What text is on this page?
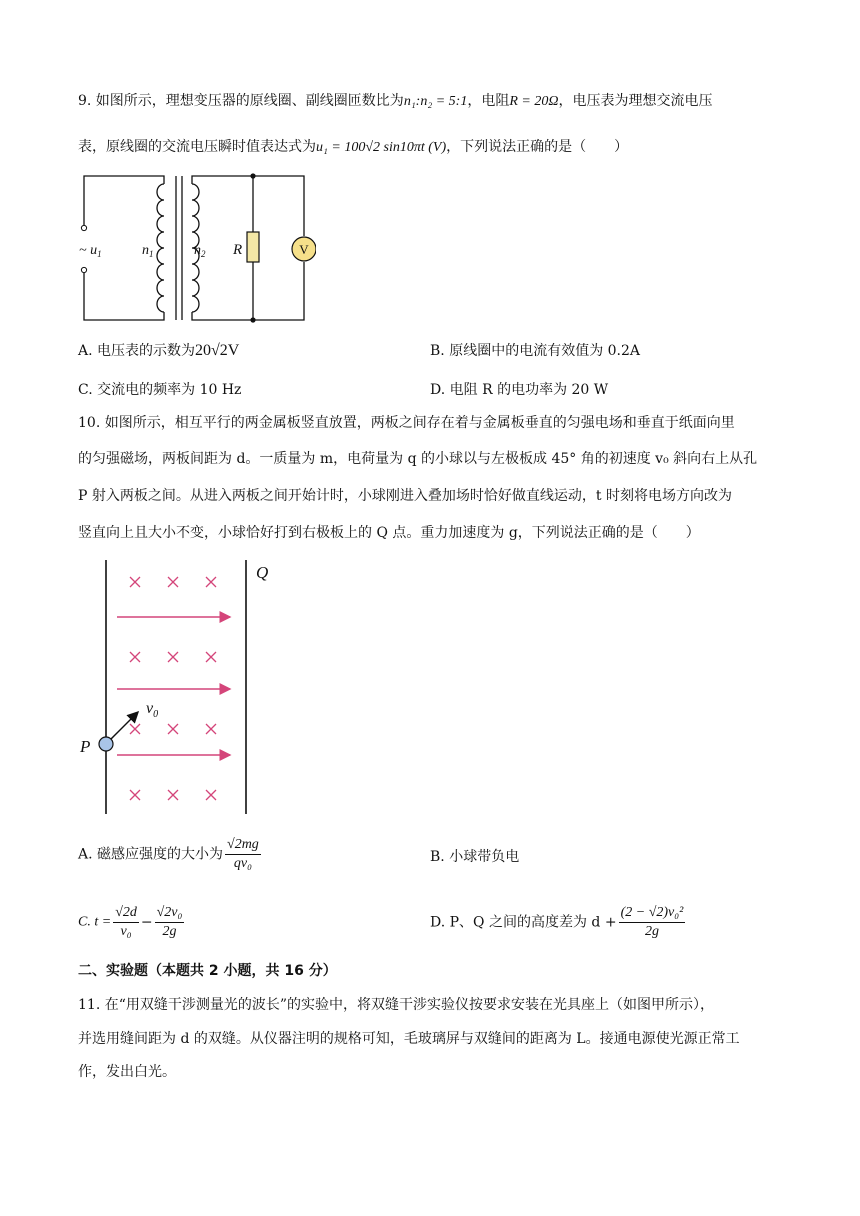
9. 如图所示，理想变压器的原线圈、副线圈匝数比为n₁:n₂ = 5:1，电阻R = 20Ω，电压表为理想交流电压
表，原线圈的交流电压瞬时值表达式为u₁ = 100√2 sin10πt (V)，下列说法正确的是（　　）
V
~ $u_1$	$n_1$	$n_2$ R
A. 电压表的示数为20√2V	B. 原线圈中的电流有效值为 0.2A
C. 交流电的频率为 10 Hz	D. 电阻 R 的电功率为 20 W
10. 如图所示，相互平行的两金属板竖直放置，两板之间存在着与金属板垂直的匀强电场和垂直于纸面向里
的匀强磁场，两板间距为 d。一质量为 m，电荷量为 q 的小球以与左极板成 45° 角的初速度 v₀ 斜向右上从孔
P 射入两板之间。从进入两板之间开始计时，小球刚进入叠加场时恰好做直线运动，t 时刻将电场方向改为
竖直向上且大小不变，小球恰好打到右极板上的 Q 点。重力加速度为 g，下列说法正确的是（　　）
Q
P
$v_0$
A. 磁感应强度的大小为 $\frac{√2mg}{\text{qv₀}}$	B. 小球带负电
C. $t = \frac{√2d}{\text{v₀}} - \frac{\text{√2v₀}}{2g}$	D. P、Q 之间的高度差为 $d + \frac{\text{(2 − √2)v₀²}}{2g}$
二、实验题（本题共 2 小题，共 16 分）
11. 在“用双缝干涉测量光的波长”的实验中，将双缝干涉实验仪按要求安装在光具座上（如图甲所示），
并选用缝间距为 d 的双缝。从仪器注明的规格可知，毛玻璃屏与双缝间的距离为 L。接通电源使光源正常工
作，发出白光。
